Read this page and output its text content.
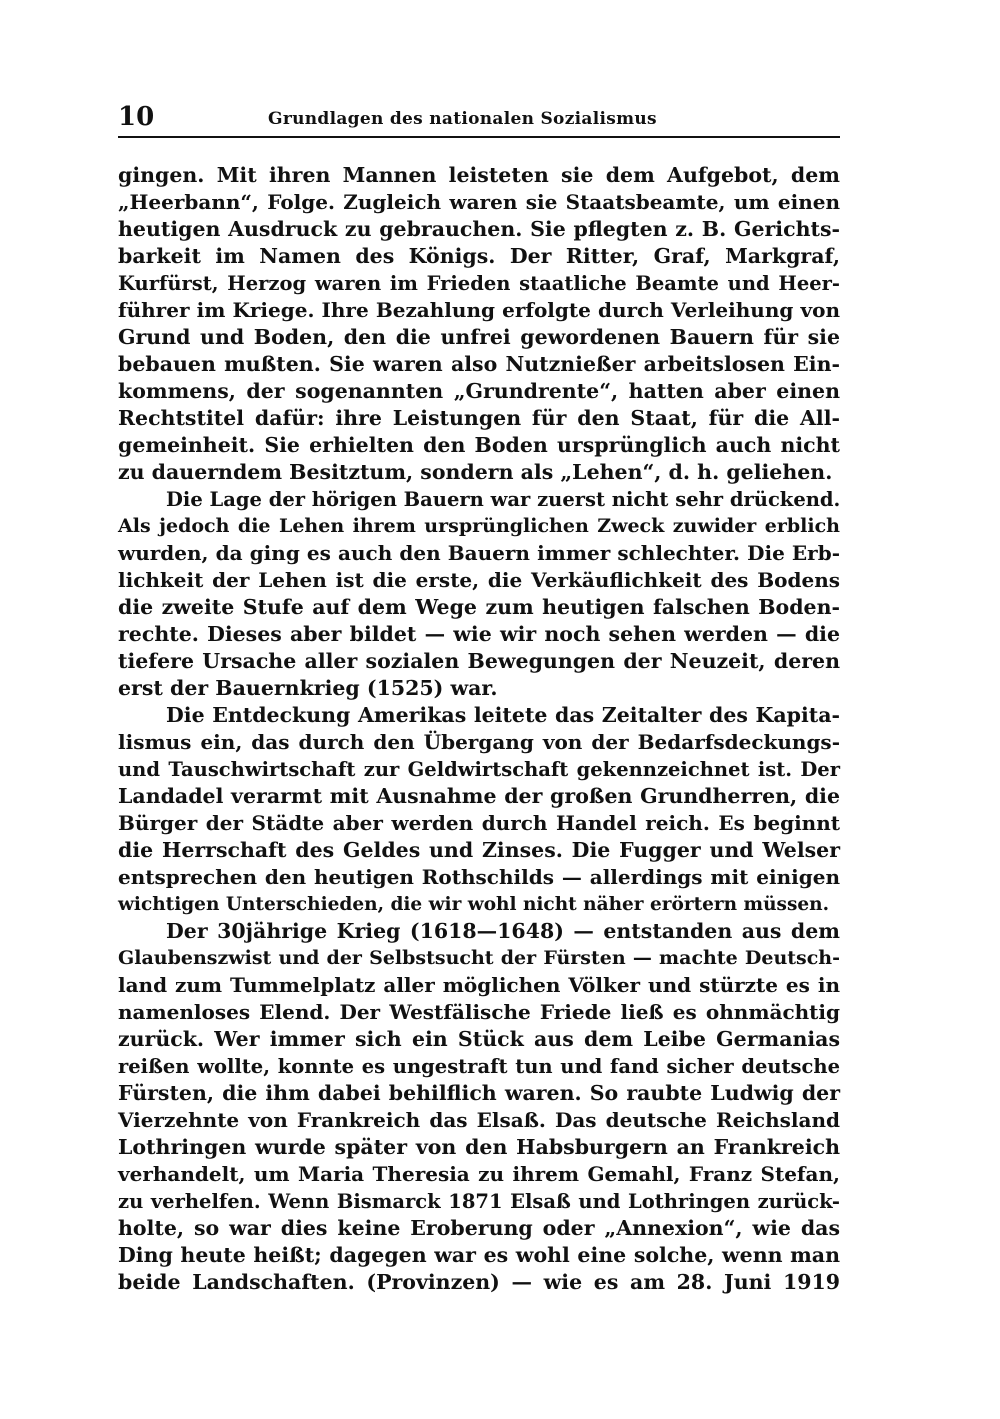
10	Grundlagen des nationalen Sozialismus
gingen. Mit ihren Mannen leisteten sie dem Aufgebot, dem
„Heerbann“, Folge. Zugleich waren sie Staatsbeamte, um einen
heutigen Ausdruck zu gebrauchen. Sie pflegten z. B. Gerichts-
barkeit im Namen des Königs. Der Ritter, Graf, Markgraf,
Kurfürst, Herzog waren im Frieden staatliche Beamte und Heer-
führer im Kriege. Ihre Bezahlung erfolgte durch Verleihung von
Grund und Boden, den die unfrei gewordenen Bauern für sie
bebauen mußten. Sie waren also Nutznießer arbeitslosen Ein-
kommens, der sogenannten „Grundrente“, hatten aber einen
Rechtstitel dafür: ihre Leistungen für den Staat, für die All-
gemeinheit. Sie erhielten den Boden ursprünglich auch nicht
zu dauerndem Besitztum, sondern als „Lehen“, d. h. geliehen.
Die Lage der hörigen Bauern war zuerst nicht sehr drückend.
Als jedoch die Lehen ihrem ursprünglichen Zweck zuwider erblich
wurden, da ging es auch den Bauern immer schlechter. Die Erb-
lichkeit der Lehen ist die erste, die Verkäuflichkeit des Bodens
die zweite Stufe auf dem Wege zum heutigen falschen Boden-
rechte. Dieses aber bildet — wie wir noch sehen werden — die
tiefere Ursache aller sozialen Bewegungen der Neuzeit, deren
erst der Bauernkrieg (1525) war.
Die Entdeckung Amerikas leitete das Zeitalter des Kapita-
lismus ein, das durch den Übergang von der Bedarfsdeckungs-
und Tauschwirtschaft zur Geldwirtschaft gekennzeichnet ist. Der
Landadel verarmt mit Ausnahme der großen Grundherren, die
Bürger der Städte aber werden durch Handel reich. Es beginnt
die Herrschaft des Geldes und Zinses. Die Fugger und Welser
entsprechen den heutigen Rothschilds — allerdings mit einigen
wichtigen Unterschieden, die wir wohl nicht näher erörtern müssen.
Der 30jährige Krieg (1618—1648) — entstanden aus dem
Glaubenszwist und der Selbstsucht der Fürsten — machte Deutsch-
land zum Tummelplatz aller möglichen Völker und stürzte es in
namenloses Elend. Der Westfälische Friede ließ es ohnmächtig
zurück. Wer immer sich ein Stück aus dem Leibe Germanias
reißen wollte, konnte es ungestraft tun und fand sicher deutsche
Fürsten, die ihm dabei behilflich waren. So raubte Ludwig der
Vierzehnte von Frankreich das Elsaß. Das deutsche Reichsland
Lothringen wurde später von den Habsburgern an Frankreich
verhandelt, um Maria Theresia zu ihrem Gemahl, Franz Stefan,
zu verhelfen. Wenn Bismarck 1871 Elsaß und Lothringen zurück-
holte, so war dies keine Eroberung oder „Annexion“, wie das
Ding heute heißt; dagegen war es wohl eine solche, wenn man
beide Landschaften. (Provinzen) — wie es am 28. Juni 1919
